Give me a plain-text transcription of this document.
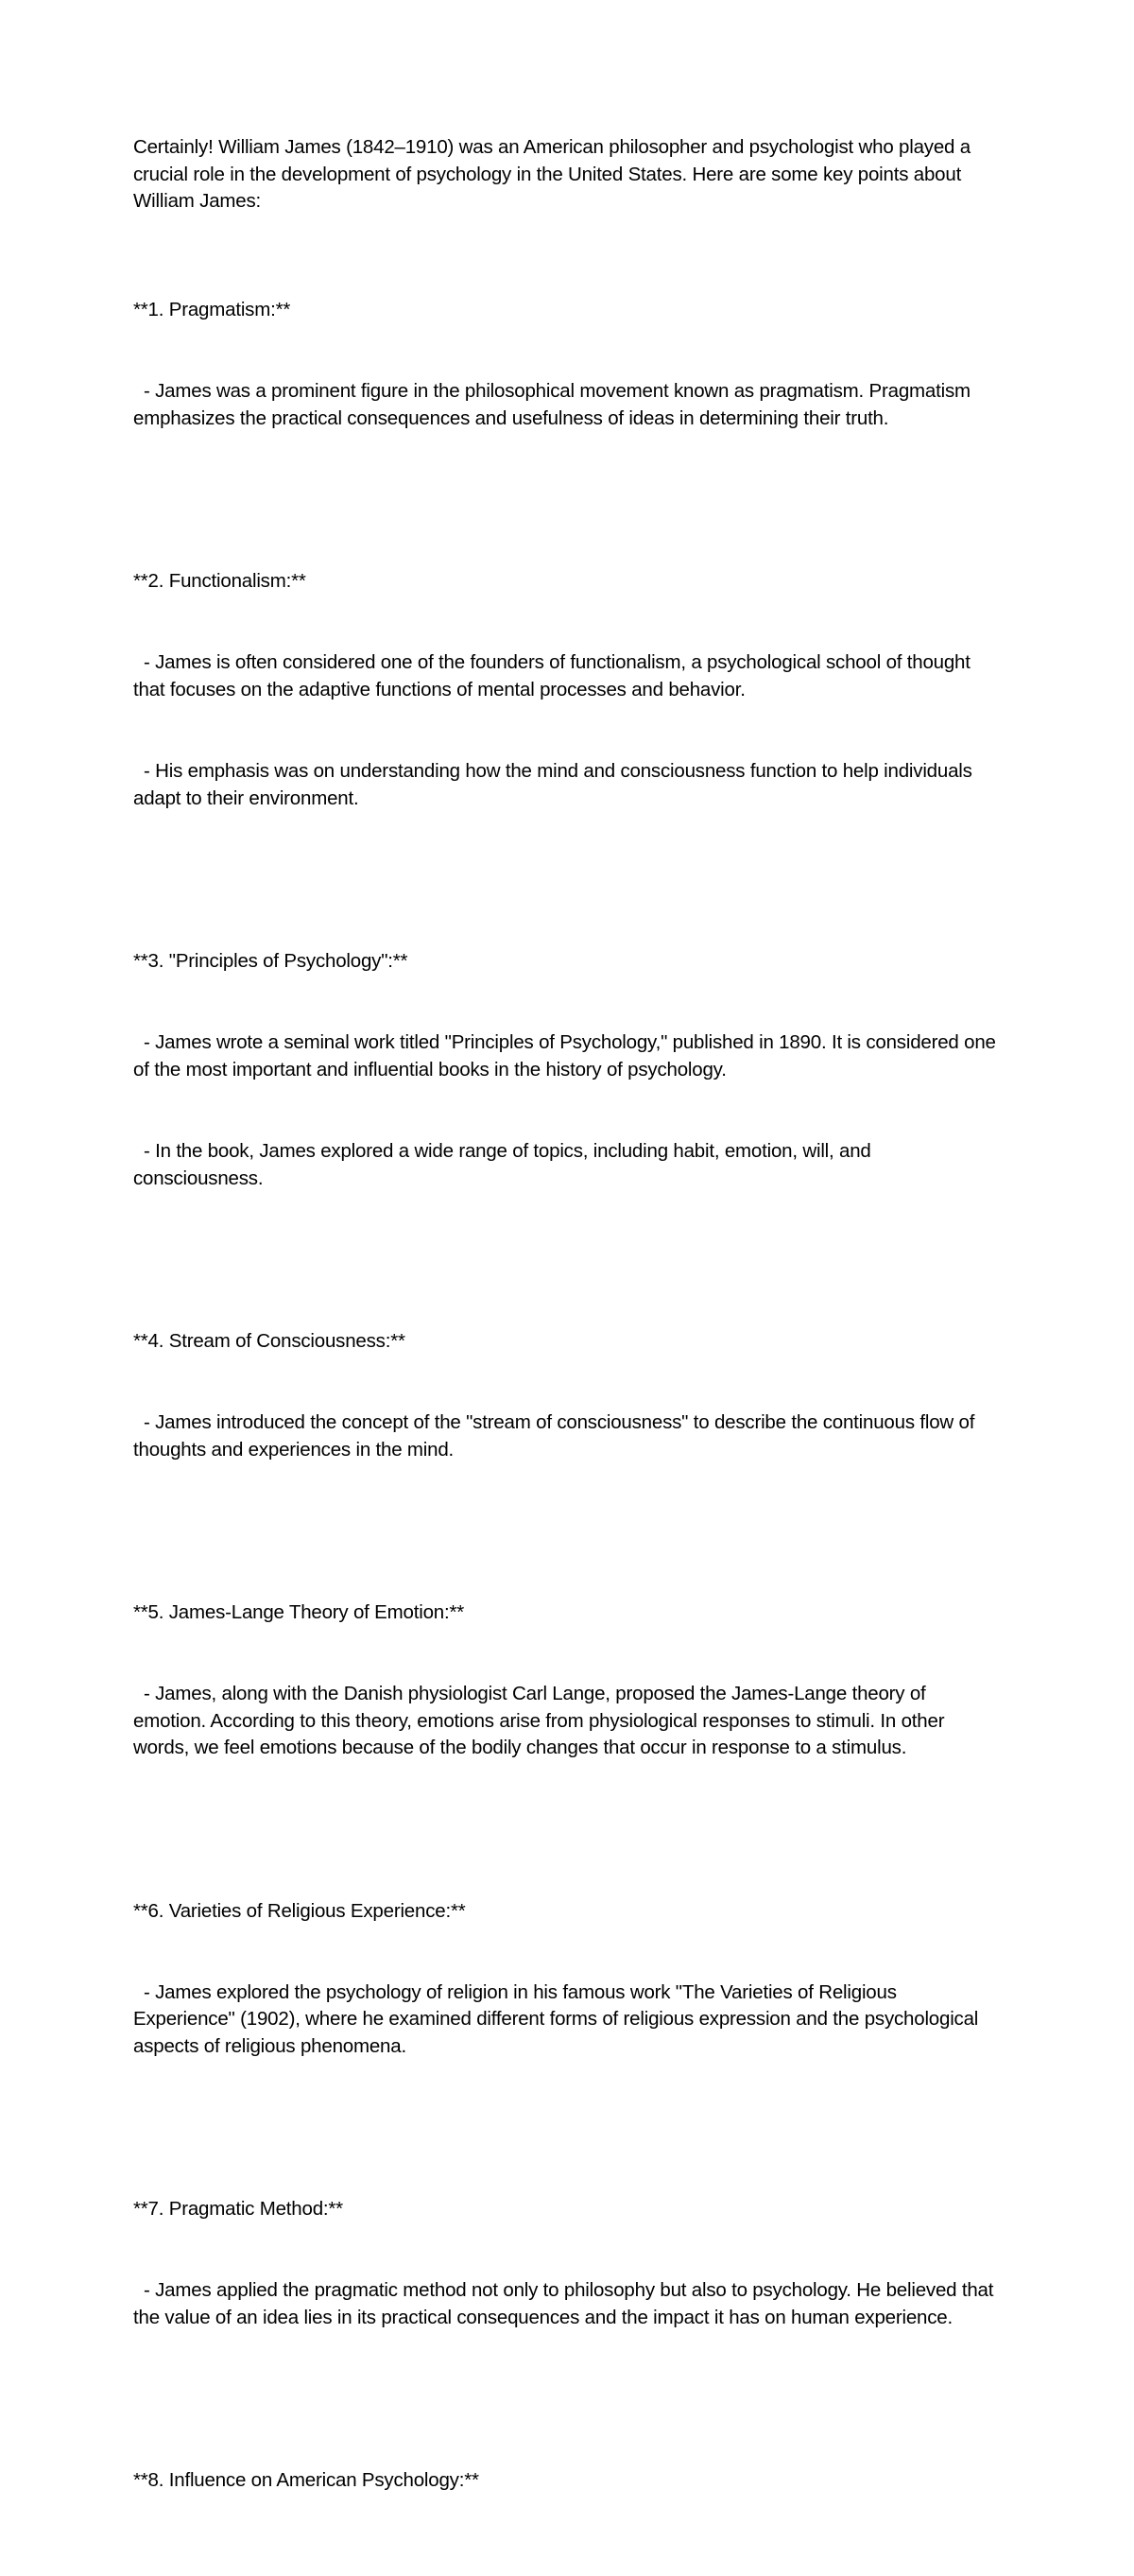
Certainly! William James (1842–1910) was an American philosopher and psychologist who played a crucial role in the development of psychology in the United States. Here are some key points about William James:

**1. Pragmatism:**

- James was a prominent figure in the philosophical movement known as pragmatism. Pragmatism emphasizes the practical consequences and usefulness of ideas in determining their truth.

**2. Functionalism:**

- James is often considered one of the founders of functionalism, a psychological school of thought that focuses on the adaptive functions of mental processes and behavior.

- His emphasis was on understanding how the mind and consciousness function to help individuals adapt to their environment.

**3. "Principles of Psychology":**

- James wrote a seminal work titled "Principles of Psychology," published in 1890. It is considered one of the most important and influential books in the history of psychology.

- In the book, James explored a wide range of topics, including habit, emotion, will, and consciousness.

**4. Stream of Consciousness:**

- James introduced the concept of the "stream of consciousness" to describe the continuous flow of thoughts and experiences in the mind.

**5. James-Lange Theory of Emotion:**

- James, along with the Danish physiologist Carl Lange, proposed the James-Lange theory of emotion. According to this theory, emotions arise from physiological responses to stimuli. In other words, we feel emotions because of the bodily changes that occur in response to a stimulus.

**6. Varieties of Religious Experience:**

- James explored the psychology of religion in his famous work "The Varieties of Religious Experience" (1902), where he examined different forms of religious expression and the psychological aspects of religious phenomena.

**7. Pragmatic Method:**

- James applied the pragmatic method not only to philosophy but also to psychology. He believed that the value of an idea lies in its practical consequences and the impact it has on human experience.

**8. Influence on American Psychology:**
